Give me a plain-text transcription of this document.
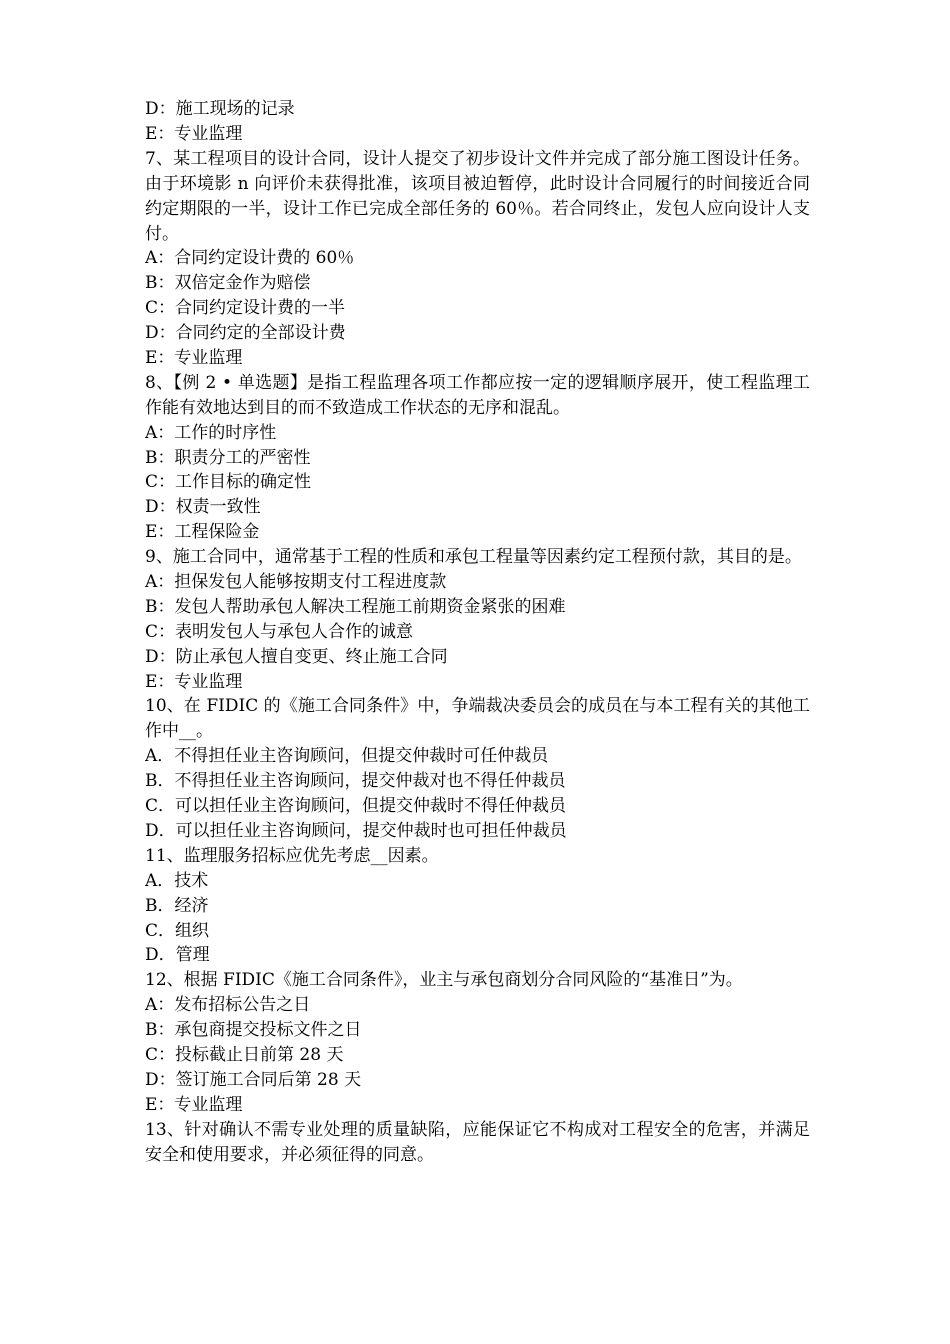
D：施工现场的记录
E：专业监理
7、某工程项目的设计合同，设计人提交了初步设计文件并完成了部分施工图设计任务。由于环境影 n 向评价未获得批准，该项目被迫暂停，此时设计合同履行的时间接近合同约定期限的一半，设计工作已完成全部任务的 60％。若合同终止，发包人应向设计人支付。
A：合同约定设计费的 60％
B：双倍定金作为赔偿
C：合同约定设计费的一半
D：合同约定的全部设计费
E：专业监理
8、【例 2 • 单选题】是指工程监理各项工作都应按一定的逻辑顺序展开，使工程监理工作能有效地达到目的而不致造成工作状态的无序和混乱。
A：工作的时序性
B：职责分工的严密性
C：工作目标的确定性
D：权责一致性
E：工程保险金
9、施工合同中，通常基于工程的性质和承包工程量等因素约定工程预付款，其目的是。
A：担保发包人能够按期支付工程进度款
B：发包人帮助承包人解决工程施工前期资金紧张的困难
C：表明发包人与承包人合作的诚意
D：防止承包人擅自变更、终止施工合同
E：专业监理
10、在 FIDIC 的《施工合同条件》中，争端裁决委员会的成员在与本工程有关的其他工作中__。
A．不得担任业主咨询顾问，但提交仲裁时可任仲裁员
B．不得担任业主咨询顾问，提交仲裁对也不得任仲裁员
C．可以担任业主咨询顾问，但提交仲裁时不得任仲裁员
D．可以担任业主咨询顾问，提交仲裁时也可担任仲裁员
11、监理服务招标应优先考虑__因素。
A．技术
B．经济
C．组织
D．管理
12、根据 FIDIC《施工合同条件》，业主与承包商划分合同风险的“基准日”为。
A：发布招标公告之日
B：承包商提交投标文件之日
C：投标截止日前第 28 天
D：签订施工合同后第 28 天
E：专业监理
13、针对确认不需专业处理的质量缺陷，应能保证它不构成对工程安全的危害，并满足安全和使用要求，并必须征得的同意。
